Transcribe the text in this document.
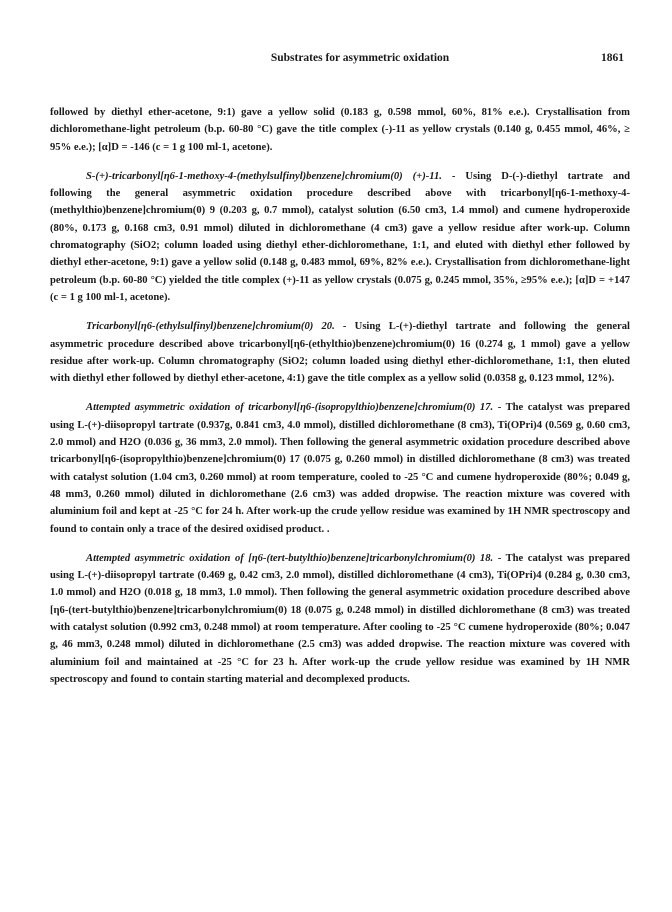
Substrates for asymmetric oxidation	1861

followed by diethyl ether-acetone, 9:1) gave a yellow solid (0.183 g, 0.598 mmol, 60%, 81% e.e.). Crystallisation from dichloromethane-light petroleum (b.p. 60-80 °C) gave the title complex (-)-11 as yellow crystals (0.140 g, 0.455 mmol, 46%, ≥ 95% e.e.); [α]D = -146 (c = 1 g 100 ml-1, acetone).

S-(+)-tricarbonyl[η6-1-methoxy-4-(methylsulfinyl)benzene]chromium(0) (+)-11. - Using D-(-)-diethyl tartrate and following the general asymmetric oxidation procedure described above with tricarbonyl[η6-1-methoxy-4-(methylthio)benzene]chromium(0) 9 (0.203 g, 0.7 mmol), catalyst solution (6.50 cm3, 1.4 mmol) and cumene hydroperoxide (80%, 0.173 g, 0.168 cm3, 0.91 mmol) diluted in dichloromethane (4 cm3) gave a yellow residue after work-up. Column chromatography (SiO2; column loaded using diethyl ether-dichloromethane, 1:1, and eluted with diethyl ether followed by diethyl ether-acetone, 9:1) gave a yellow solid (0.148 g, 0.483 mmol, 69%, 82% e.e.). Crystallisation from dichloromethane-light petroleum (b.p. 60-80 °C) yielded the title complex (+)-11 as yellow crystals (0.075 g, 0.245 mmol, 35%, ≥95% e.e.); [α]D = +147 (c = 1 g 100 ml-1, acetone).

Tricarbonyl[η6-(ethylsulfinyl)benzene]chromium(0) 20. - Using L-(+)-diethyl tartrate and following the general asymmetric procedure described above tricarbonyl[η6-(ethylthio)benzene)chromium(0) 16 (0.274 g, 1 mmol) gave a yellow residue after work-up. Column chromatography (SiO2; column loaded using diethyl ether-dichloromethane, 1:1, then eluted with diethyl ether followed by diethyl ether-acetone, 4:1) gave the title complex as a yellow solid (0.0358 g, 0.123 mmol, 12%).

Attempted asymmetric oxidation of tricarbonyl[η6-(isopropylthio)benzene]chromium(0) 17. - The catalyst was prepared using L-(+)-diisopropyl tartrate (0.937g, 0.841 cm3, 4.0 mmol), distilled dichloromethane (8 cm3), Ti(OPri)4 (0.569 g, 0.60 cm3, 2.0 mmol) and H2O (0.036 g, 36 mm3, 2.0 mmol). Then following the general asymmetric oxidation procedure described above tricarbonyl[η6-(isopropylthio)benzene]chromium(0) 17 (0.075 g, 0.260 mmol) in distilled dichloromethane (8 cm3) was treated with catalyst solution (1.04 cm3, 0.260 mmol) at room temperature, cooled to -25 °C and cumene hydroperoxide (80%; 0.049 g, 48 mm3, 0.260 mmol) diluted in dichloromethane (2.6 cm3) was added dropwise. The reaction mixture was covered with aluminium foil and kept at -25 °C for 24 h. After work-up the crude yellow residue was examined by 1H NMR spectroscopy and found to contain only a trace of the desired oxidised product. .

Attempted asymmetric oxidation of [η6-(tert-butylthio)benzene]tricarbonylchromium(0) 18. - The catalyst was prepared using L-(+)-diisopropyl tartrate (0.469 g, 0.42 cm3, 2.0 mmol), distilled dichloromethane (4 cm3), Ti(OPri)4 (0.284 g, 0.30 cm3, 1.0 mmol) and H2O (0.018 g, 18 mm3, 1.0 mmol). Then following the general asymmetric oxidation procedure described above [η6-(tert-butylthio)benzene]tricarbonylchromium(0) 18 (0.075 g, 0.248 mmol) in distilled dichloromethane (8 cm3) was treated with catalyst solution (0.992 cm3, 0.248 mmol) at room temperature. After cooling to -25 °C cumene hydroperoxide (80%; 0.047 g, 46 mm3, 0.248 mmol) diluted in dichloromethane (2.5 cm3) was added dropwise. The reaction mixture was covered with aluminium foil and maintained at -25 °C for 23 h. After work-up the crude yellow residue was examined by 1H NMR spectroscopy and found to contain starting material and decomplexed products.
